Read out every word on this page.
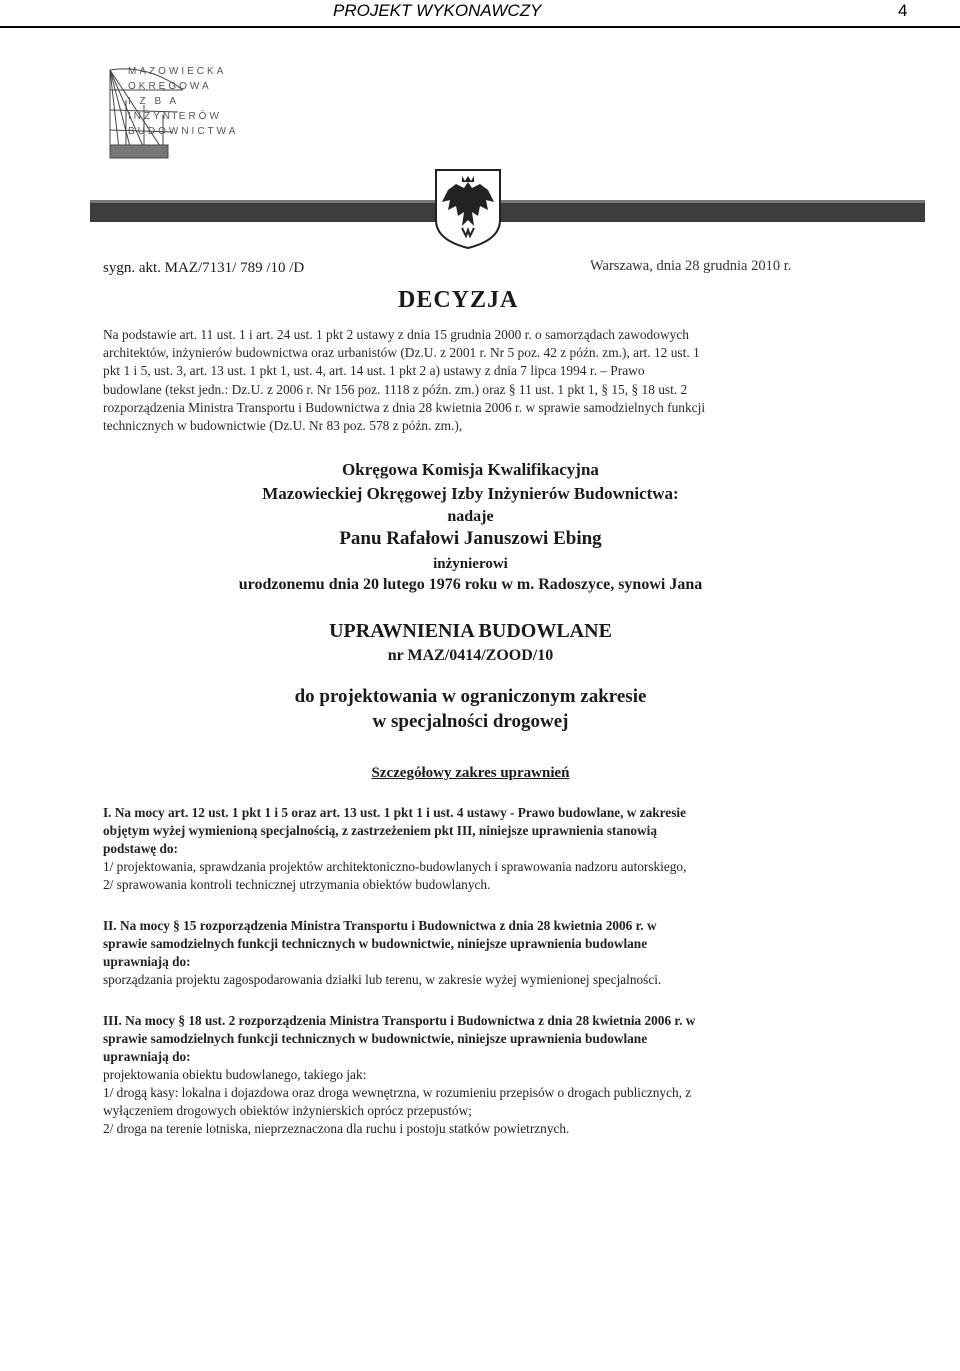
PROJEKT WYKONAWCZY	4
MAZOWIECKA
OKRĘGOWA
I Z B A
INŻYNIERÓW
BUDOWNICTWA
sygn. akt. MAZ/7131/ 789 /10 /D	Warszawa, dnia 28 grudnia 2010 r.
DECYZJA
Na podstawie art. 11 ust. 1 i art. 24 ust. 1 pkt 2 ustawy z dnia 15 grudnia 2000 r. o samorządach zawodowych
architektów, inżynierów budownictwa oraz urbanistów (Dz.U. z 2001 r. Nr 5 poz. 42 z późn. zm.), art. 12 ust. 1
pkt 1 i 5, ust. 3, art. 13 ust. 1 pkt 1, ust. 4, art. 14 ust. 1 pkt 2 a) ustawy z dnia 7 lipca 1994 r. – Prawo
budowlane (tekst jedn.: Dz.U. z 2006 r. Nr 156 poz. 1118 z późn. zm.) oraz § 11 ust. 1 pkt 1, § 15, § 18 ust. 2
rozporządzenia Ministra Transportu i Budownictwa z dnia 28 kwietnia 2006 r. w sprawie samodzielnych funkcji
technicznych w budownictwie (Dz.U. Nr 83 poz. 578 z późn. zm.),
Okręgowa Komisja Kwalifikacyjna
Mazowieckiej Okręgowej Izby Inżynierów Budownictwa:
nadaje
Panu Rafałowi Januszowi Ebing
inżynierowi
urodzonemu dnia 20 lutego 1976 roku w m. Radoszyce, synowi Jana
UPRAWNIENIA BUDOWLANE
nr MAZ/0414/ZOOD/10
do projektowania w ograniczonym zakresie
w specjalności drogowej
Szczegółowy zakres uprawnień
I. Na mocy art. 12 ust. 1 pkt 1 i 5 oraz art. 13 ust. 1 pkt 1 i ust. 4 ustawy - Prawo budowlane, w zakresie
objętym wyżej wymienioną specjalnością, z zastrzeżeniem pkt III, niniejsze uprawnienia stanowią
podstawę do:
1/ projektowania, sprawdzania projektów architektoniczno-budowlanych i sprawowania nadzoru autorskiego,
2/ sprawowania kontroli technicznej utrzymania obiektów budowlanych.
II. Na mocy § 15 rozporządzenia Ministra Transportu i Budownictwa z dnia 28 kwietnia 2006 r. w
sprawie samodzielnych funkcji technicznych w budownictwie, niniejsze uprawnienia budowlane
uprawniają do:
sporządzania projektu zagospodarowania działki lub terenu, w zakresie wyżej wymienionej specjalności.
III. Na mocy § 18 ust. 2 rozporządzenia Ministra Transportu i Budownictwa z dnia 28 kwietnia 2006 r. w
sprawie samodzielnych funkcji technicznych w budownictwie, niniejsze uprawnienia budowlane
uprawniają do:
projektowania obiektu budowlanego, takiego jak:
1/ drogą kasy: lokalna i dojazdowa oraz droga wewnętrzna, w rozumieniu przepisów o drogach publicznych, z
wyłączeniem drogowych obiektów inżynierskich oprócz przepustów;
2/ droga na terenie lotniska, nieprzeznaczona dla ruchu i postoju statków powietrznych.
